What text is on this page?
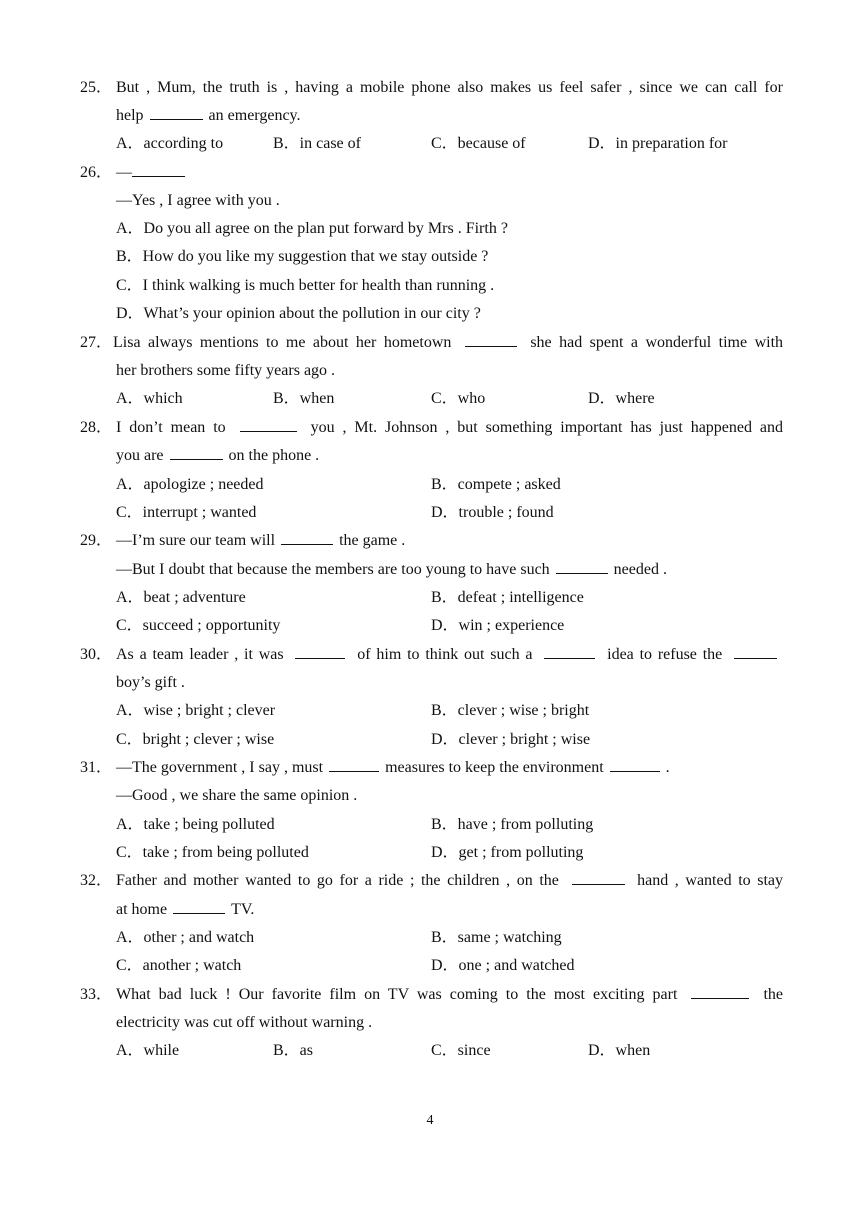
25． But , Mum, the truth is , having a mobile phone also makes us feel safer , since we can call for
help	an emergency.
A．according to	B．in case of	C．because of	D．in preparation for
26． —
—Yes , I agree with you .
A．Do you all agree on the plan put forward by Mrs . Firth ?
B．How do you like my suggestion that we stay outside ?
C．I think walking is much better for health than running .
D．What’s your opinion about the pollution in our city ?
27． Lisa always mentions to me about her hometown	she had spent a wonderful time with
her brothers some fifty years ago .
A．which	B．when	C．who	D．where
28． I don’t mean to	you , Mt. Johnson , but something important has just happened and
you are	on the phone .
A．apologize ; needed	B．compete ; asked
C．interrupt ; wanted	D．trouble ; found
29． —I’m sure our team will	the game .
—But I doubt that because the members are too young to have such	needed .
A．beat ; adventure	B．defeat ; intelligence
C．succeed ; opportunity	D．win ; experience
30． As a team leader , it was	of him to think out such a	idea to refuse the
boy’s gift .
A．wise ; bright ; clever	B．clever ; wise ; bright
C．bright ; clever ; wise	D．clever ; bright ; wise
31． —The government , I say , must	measures to keep the environment	.
—Good , we share the same opinion .
A．take ; being polluted	B．have ; from polluting
C．take ; from being polluted	D．get ; from polluting
32． Father and mother wanted to go for a ride ; the children , on the	hand , wanted to stay
at home	TV.
A．other ; and watch	B．same ; watching
C．another ; watch	D．one ; and watched
33． What bad luck ! Our favorite film on TV was coming to the most exciting part	the
electricity was cut off without warning .
A．while	B．as	C．since	D．when
4
